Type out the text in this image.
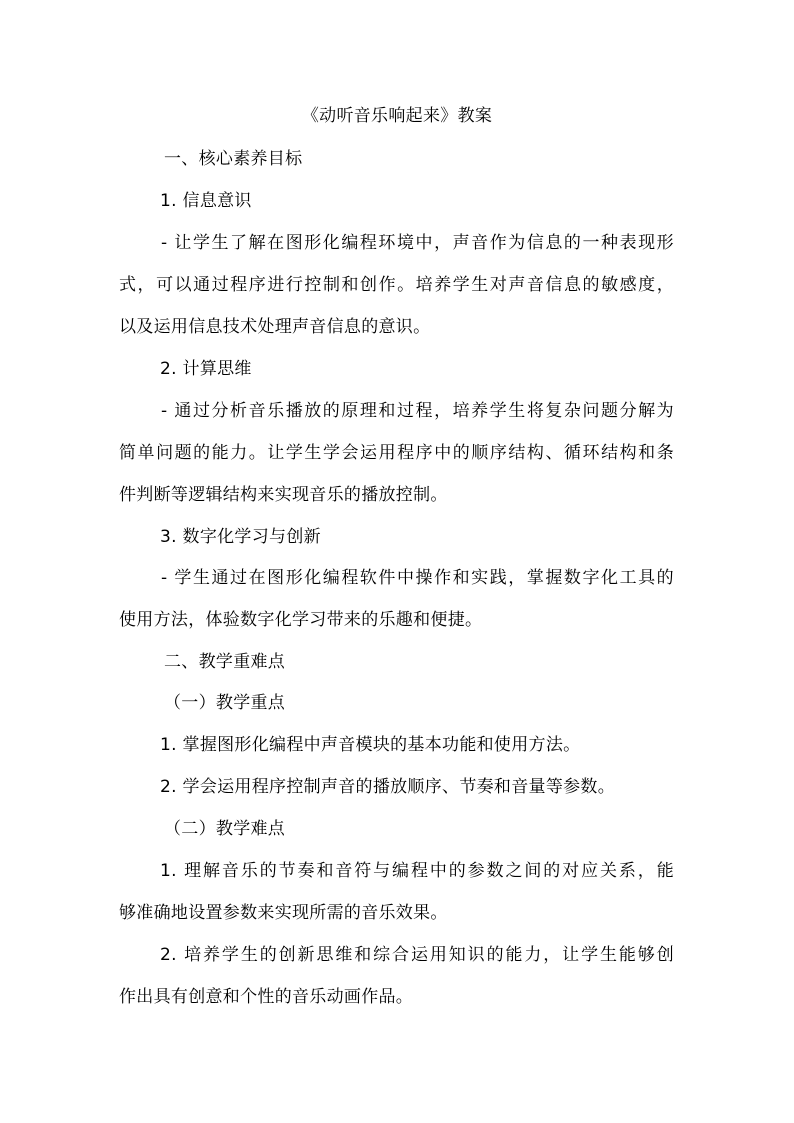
《动听音乐响起来》教案
一、核心素养目标
1. 信息意识
- 让学生了解在图形化编程环境中，声音作为信息的一种表现形
式，可以通过程序进行控制和创作。培养学生对声音信息的敏感度，
以及运用信息技术处理声音信息的意识。
2. 计算思维
- 通过分析音乐播放的原理和过程，培养学生将复杂问题分解为
简单问题的能力。让学生学会运用程序中的顺序结构、循环结构和条
件判断等逻辑结构来实现音乐的播放控制。
3. 数字化学习与创新
- 学生通过在图形化编程软件中操作和实践，掌握数字化工具的
使用方法，体验数字化学习带来的乐趣和便捷。
二、教学重难点
（一）教学重点
1. 掌握图形化编程中声音模块的基本功能和使用方法。
2. 学会运用程序控制声音的播放顺序、节奏和音量等参数。
（二）教学难点
1. 理解音乐的节奏和音符与编程中的参数之间的对应关系，能
够准确地设置参数来实现所需的音乐效果。
2. 培养学生的创新思维和综合运用知识的能力，让学生能够创
作出具有创意和个性的音乐动画作品。
